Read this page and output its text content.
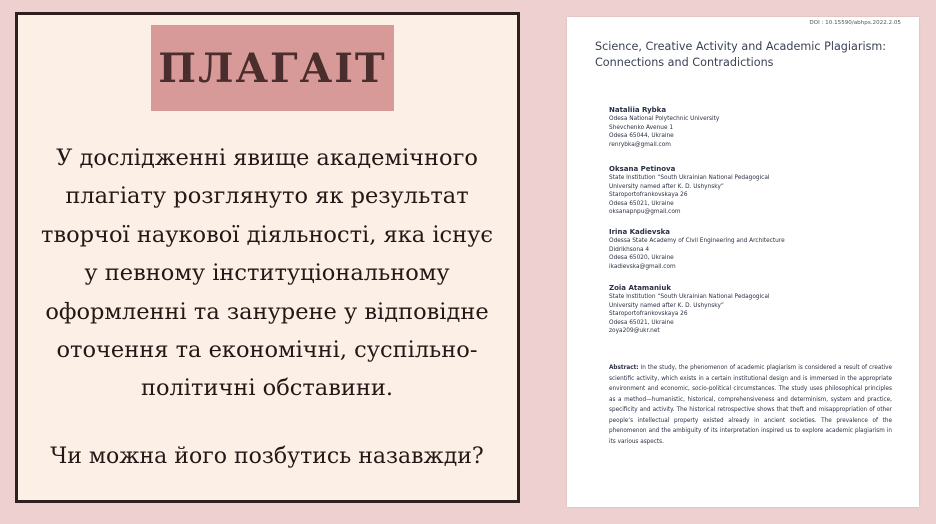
ПЛАГАІТ
У дослідженні явище академічного плагіату розглянуто як результат творчої наукової діяльності, яка існує у певному інституціональному оформленні та занурене у відповідне оточення та економічні, суспільно-політичні обставини.
Чи можна його позбутись назавжди?
DOI : 10.15590/abhps.2022.2.05
Science, Creative Activity and Academic Plagiarism: Connections and Contradictions
Nataliia Rybka
Odesa National Polytechnic University
Shevchenko Avenue 1
Odesa 65044, Ukraine
renrybka@gmail.com
Oksana Petinova
State Institution “South Ukrainian National Pedagogical
University named after K. D. Ushynsky”
Staroportofrankovskaya 26
Odesa 65021, Ukraine
oksanapnpu@gmail.com
Irina Kadievska
Odessa State Academy of Civil Engineering and Architecture
Didrikhsona 4
Odesa 65020, Ukraine
ikadievska@gmail.com
Zoia Atamaniuk
State Institution “South Ukrainian National Pedagogical
University named after K. D. Ushynsky”
Staroportofrankovskaya 26
Odesa 65021, Ukraine
zoya209@ukr.net
Abstract: In the study, the phenomenon of academic plagiarism is considered a result of creative scientific activity, which exists in a certain institutional design and is immersed in the appropriate environment and economic, socio-political circumstances. The study uses philosophical principles as a method—humanistic, historical, comprehensiveness and determinism, system and practice, specificity and activity. The historical retrospective shows that theft and misappropriation of other people’s intellectual property existed already in ancient societies. The prevalence of the phenomenon and the ambiguity of its interpretation inspired us to explore academic plagiarism in its various aspects.
